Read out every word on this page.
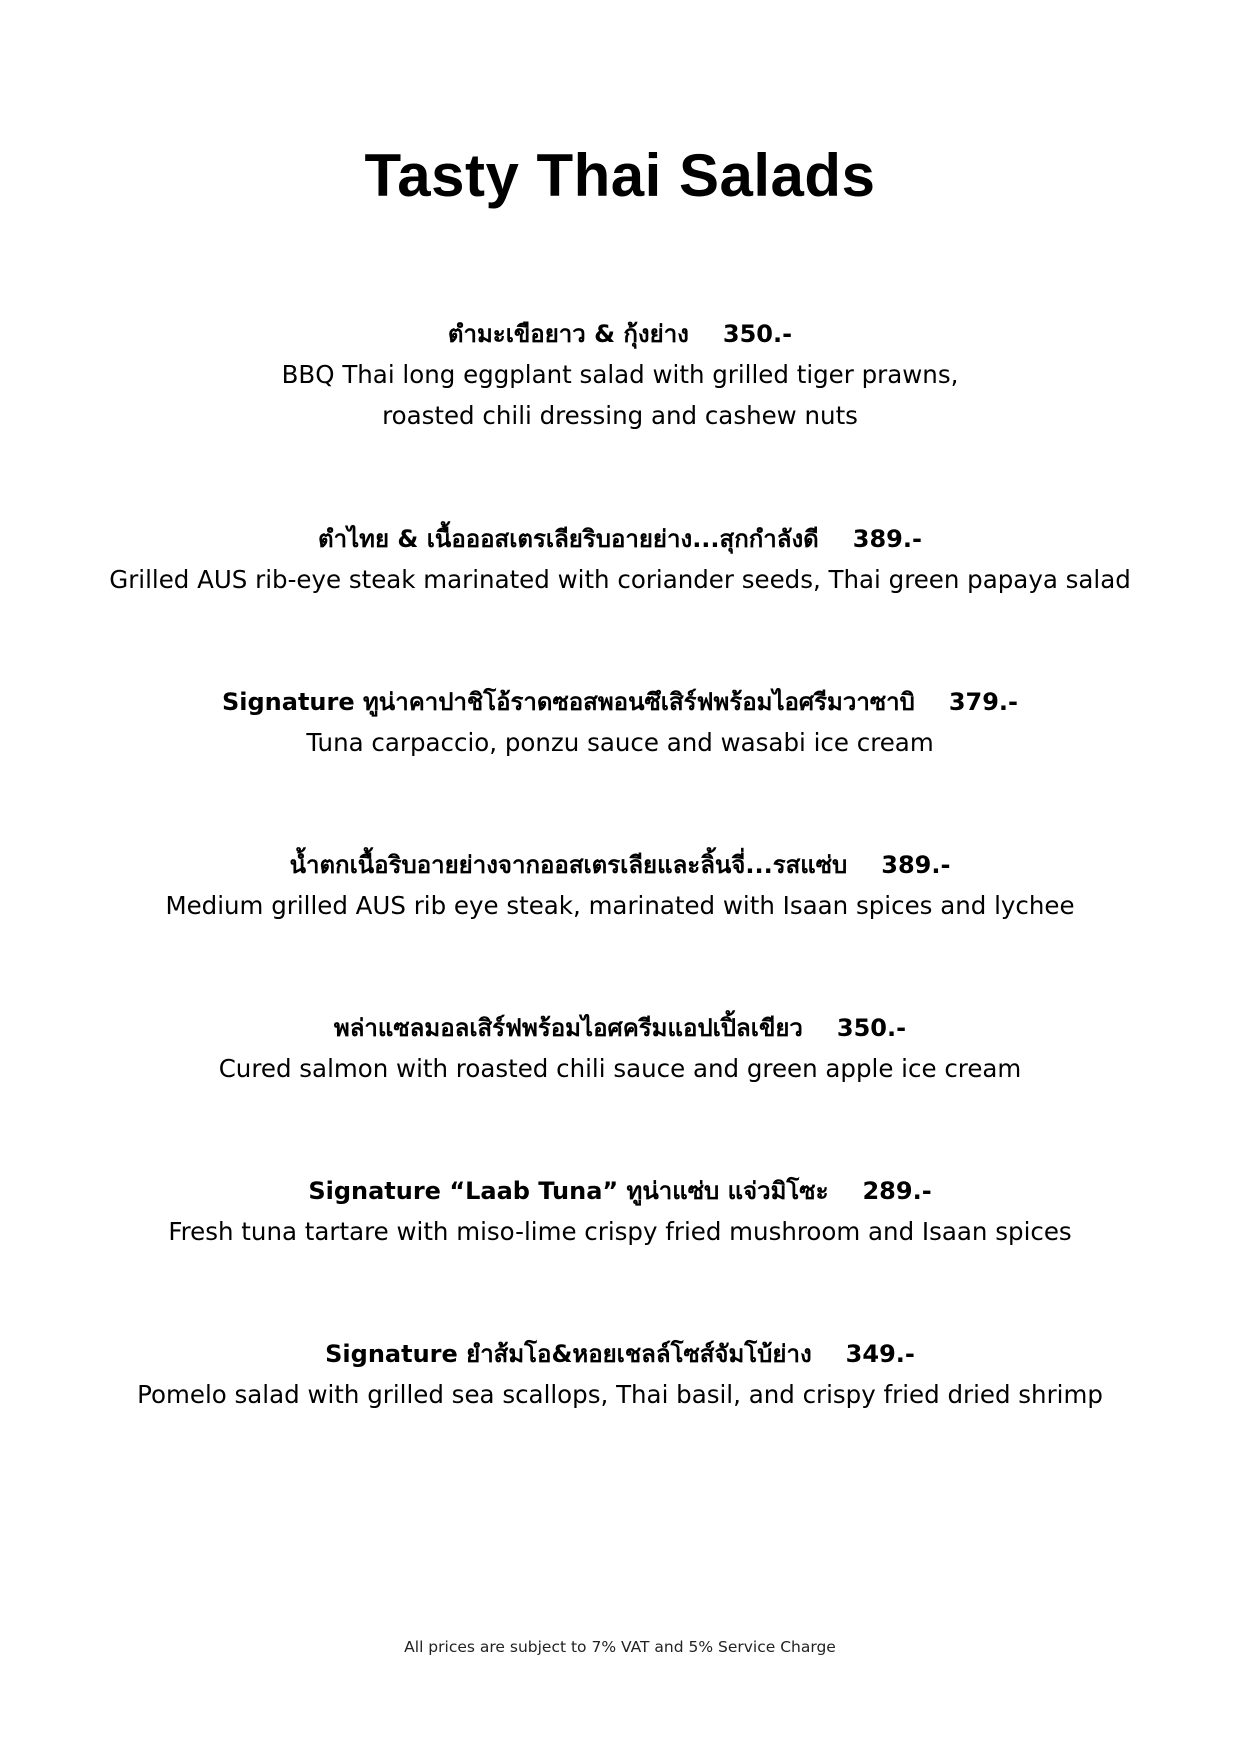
Tasty Thai Salads
ตำมะเขือยาว & กุ้งย่าง 350.-
BBQ Thai long eggplant salad with grilled tiger prawns,
roasted chili dressing and cashew nuts
ตำไทย & เนื้อออสเตรเลียริบอายย่าง...สุกกำลังดี 389.-
Grilled AUS rib-eye steak marinated with coriander seeds, Thai green papaya salad
Signature ทูน่าคาปาชิโอ้ราดซอสพอนซึเสิร์ฟพร้อมไอศรีมวาซาบิ 379.-
Tuna carpaccio, ponzu sauce and wasabi ice cream
น้ำตกเนื้อริบอายย่างจากออสเตรเลียและลิ้นจี่...รสแซ่บ 389.-
Medium grilled AUS rib eye steak, marinated with Isaan spices and lychee
พล่าแซลมอลเสิร์ฟพร้อมไอศครีมแอปเปิ้ลเขียว 350.-
Cured salmon with roasted chili sauce and green apple ice cream
Signature “Laab Tuna” ทูน่าแซ่บ แจ่วมิโซะ 289.-
Fresh tuna tartare with miso-lime crispy fried mushroom and Isaan spices
Signature ยำส้มโอ&หอยเชลล์โซส์จัมโบ้ย่าง 349.-
Pomelo salad with grilled sea scallops, Thai basil, and crispy fried dried shrimp
All prices are subject to 7% VAT and 5% Service Charge
